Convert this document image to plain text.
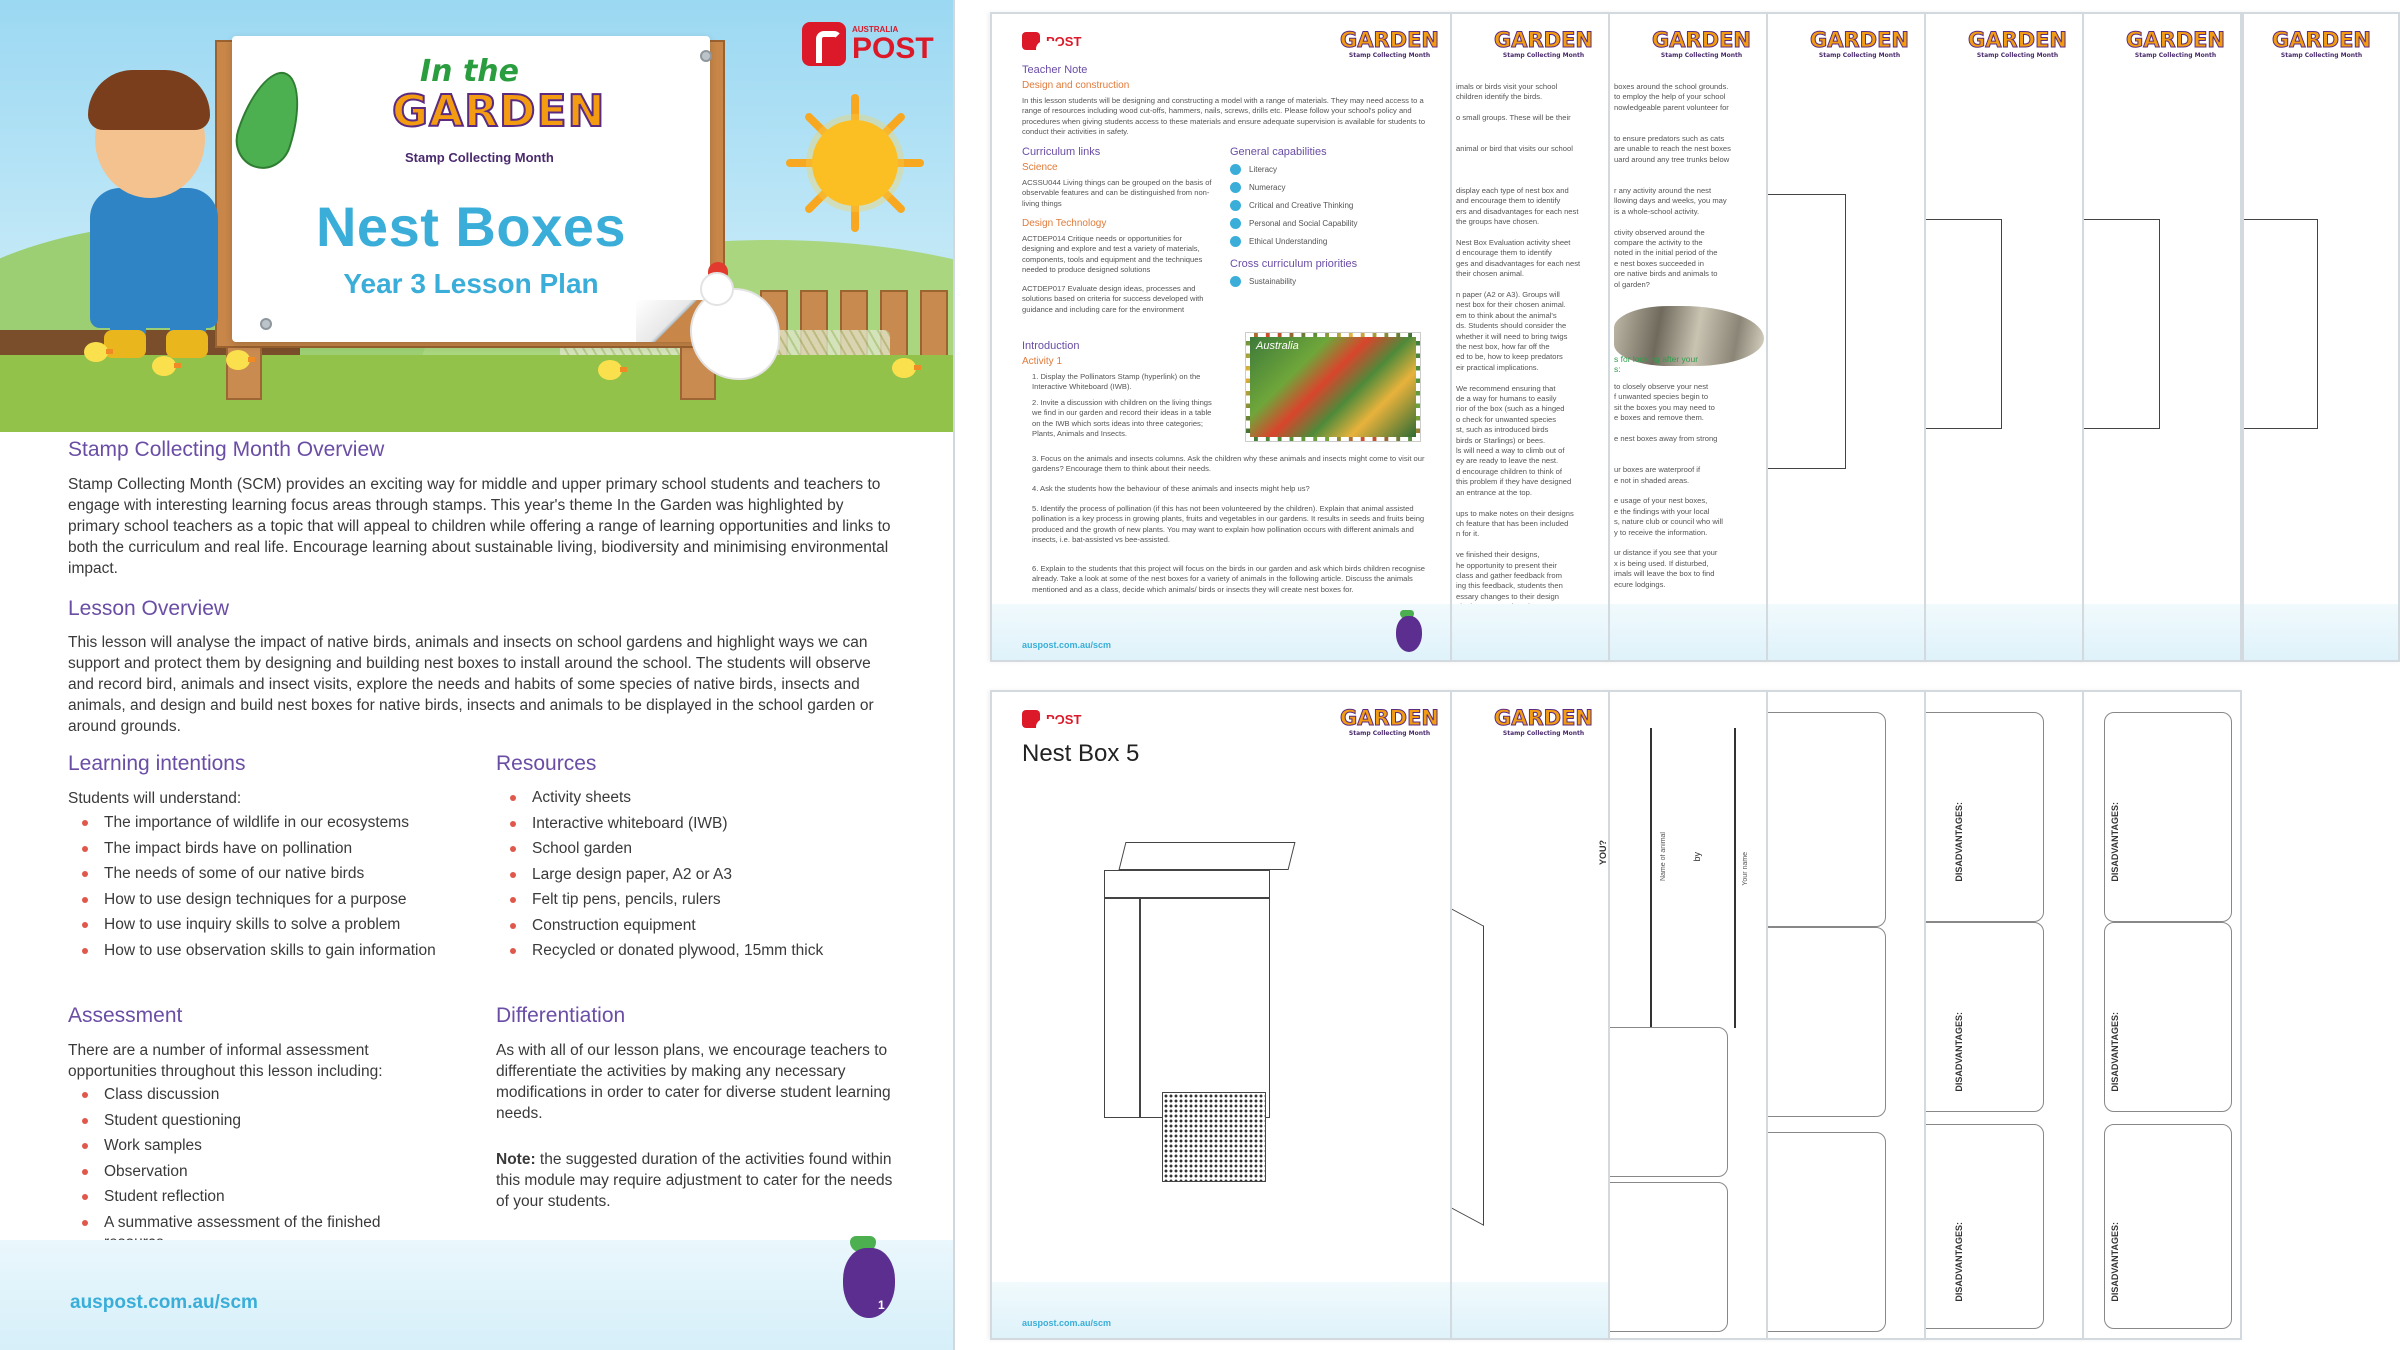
In the
GARDEN
Stamp Collecting Month
Nest Boxes
Year 3 Lesson Plan
AUSTRALIA
POST
Stamp Collecting Month Overview
Stamp Collecting Month (SCM) provides an exciting way for middle and upper primary school students and teachers to engage with interesting learning focus areas through stamps. This year's theme In the Garden was highlighted by primary school teachers as a topic that will appeal to children while offering a range of learning opportunities and links to both the curriculum and real life. Encourage learning about sustainable living, biodiversity and minimising environmental impact.
Lesson Overview
This lesson will analyse the impact of native birds, animals and insects on school gardens and highlight ways we can support and protect them by designing and building nest boxes to install around the school. The students will observe and record bird, animals and insect visits, explore the needs and habits of some species of native birds, insects and animals, and design and build nest boxes for native birds, insects and animals to be displayed in the school garden or around grounds.
Learning intentions
Students will understand:
The importance of wildlife in our ecosystems
The impact birds have on pollination
The needs of some of our native birds
How to use design techniques for a purpose
How to use inquiry skills to solve a problem
How to use observation skills to gain information
Resources
Activity sheets
Interactive whiteboard (IWB)
School garden
Large design paper, A2 or A3
Felt tip pens, pencils, rulers
Construction equipment
Recycled or donated plywood, 15mm thick
Assessment
There are a number of informal assessment opportunities throughout this lesson including:
Class discussion
Student questioning
Work samples
Observation
Student reflection
A summative assessment of the finished
Differentiation
As with all of our lesson plans, we encourage teachers to differentiate the activities by making any necessary modifications in order to cater for diverse student learning needs.
Note: the suggested duration of the activities found within this module may require adjustment to cater for the needs of your students.
auspost.com.au/scm	1
GARDEN
Stamp Collecting Month
GARDEN
Stamp Collecting Month
GARDEN
Stamp Collecting Month
GARDEN
Stamp Collecting Month
GARDEN
Stamp Collecting Month
boxes around the school grounds.
to employ the help of your school
nowledgeable parent volunteer for
to ensure predators such as cats
are unable to reach the nest boxes
uard around any tree trunks below
r any activity around the nest
llowing days and weeks, you may
is a whole-school activity.
ctivity observed around the
compare the activity to the
noted in the initial period of the
e nest boxes succeeded in
ore native birds and animals to
ol garden?
s for looking after your
s:
to closely observe your nest
f unwanted species begin to
sit the boxes you may need to
e boxes and remove them.
e nest boxes away from strong
ur boxes are waterproof if
e not in shaded areas.
e usage of your nest boxes,
e the findings with your local
s, nature club or council who will
y to receive the information.
ur distance if you see that your
x is being used. If disturbed,
imals will leave the box to find
ecure lodgings.
GARDEN
Stamp Collecting Month
imals or birds visit your school
children identify the birds.
o small groups. These will be their
animal or bird that visits our school
display each type of nest box and
and encourage them to identify
ers and disadvantages for each nest
the groups have chosen.
Nest Box Evaluation activity sheet
d encourage them to identify
ges and disadvantages for each nest
their chosen animal.
n paper (A2 or A3). Groups will
nest box for their chosen animal.
em to think about the animal's
ds. Students should consider the
whether it will need to bring twigs
the nest box, how far off the
ed to be, how to keep predators
eir practical implications.
We recommend ensuring that
de a way for humans to easily
rior of the box (such as a hinged
o check for unwanted species
st, such as introduced birds
birds or Starlings) or bees.
ls will need a way to climb out of
ey are ready to leave the nest.
d encourage children to think of
this problem if they have designed
an entrance at the top.
ups to make notes on their designs
ch feature that has been included
n for it.
ve finished their designs,
he opportunity to present their
class and gather feedback from
ing this feedback, students then
essary changes to their design
POST	GARDEN
Stamp Collecting Month
Teacher Note
Design and construction
In this lesson students will be designing and constructing a model with a range of materials. They may need access to a range of resources including wood cut-offs, hammers, nails, screws, drills etc. Please follow your school's policy and procedures when giving students access to these materials and ensure adequate supervision is available for students to conduct their activities in safety.
Curriculum links
Science
ACSSU044 Living things can be grouped on the basis of observable features and can be distinguished from non-living things
Design Technology
ACTDEP014 Critique needs or opportunities for designing and explore and test a variety of materials, components, tools and equipment and the techniques needed to produce designed solutions
ACTDEP017 Evaluate design ideas, processes and solutions based on criteria for success developed with guidance and including care for the environment
General capabilities
Literacy
Numeracy
Critical and Creative Thinking
Personal and Social Capability
Ethical Understanding
Cross curriculum priorities
Sustainability
Introduction
Activity 1
1. Display the Pollinators Stamp (hyperlink) on the Interactive Whiteboard (IWB).
2. Invite a discussion with children on the living things we find in our garden and record their ideas in a table on the IWB which sorts ideas into three categories; Plants, Animals and Insects.
3. Focus on the animals and insects columns. Ask the children why these animals and insects might come to visit our gardens? Encourage them to think about their needs.
4. Ask the students how the behaviour of these animals and insects might help us?
5. Identify the process of pollination (if this has not been volunteered by the children). Explain that animal assisted pollination is a key process in growing plants, fruits and vegetables in our gardens. It results in seeds and fruits being produced and the growth of new plants. You may want to explain how pollination occurs with different animals and insects, i.e. bat-assisted vs bee-assisted.
6. Explain to the students that this project will focus on the birds in our garden and ask which birds children recognise already. Take a look at some of the nest boxes for a variety of animals in the following article. Discuss the animals mentioned and as a class, decide which animals/ birds or insects they will create nest boxes for.
auspost.com.au/scm
Australia
DISADVANTAGES:
DISADVANTAGES:
DISADVANTAGES:
DISADVANTAGES:
DISADVANTAGES:
DISADVANTAGES:
Name of animal	by	Your name
GARDEN
Stamp Collecting Month
YOU?
POST	GARDEN
Stamp Collecting Month
Nest Box 5
auspost.com.au/scm
